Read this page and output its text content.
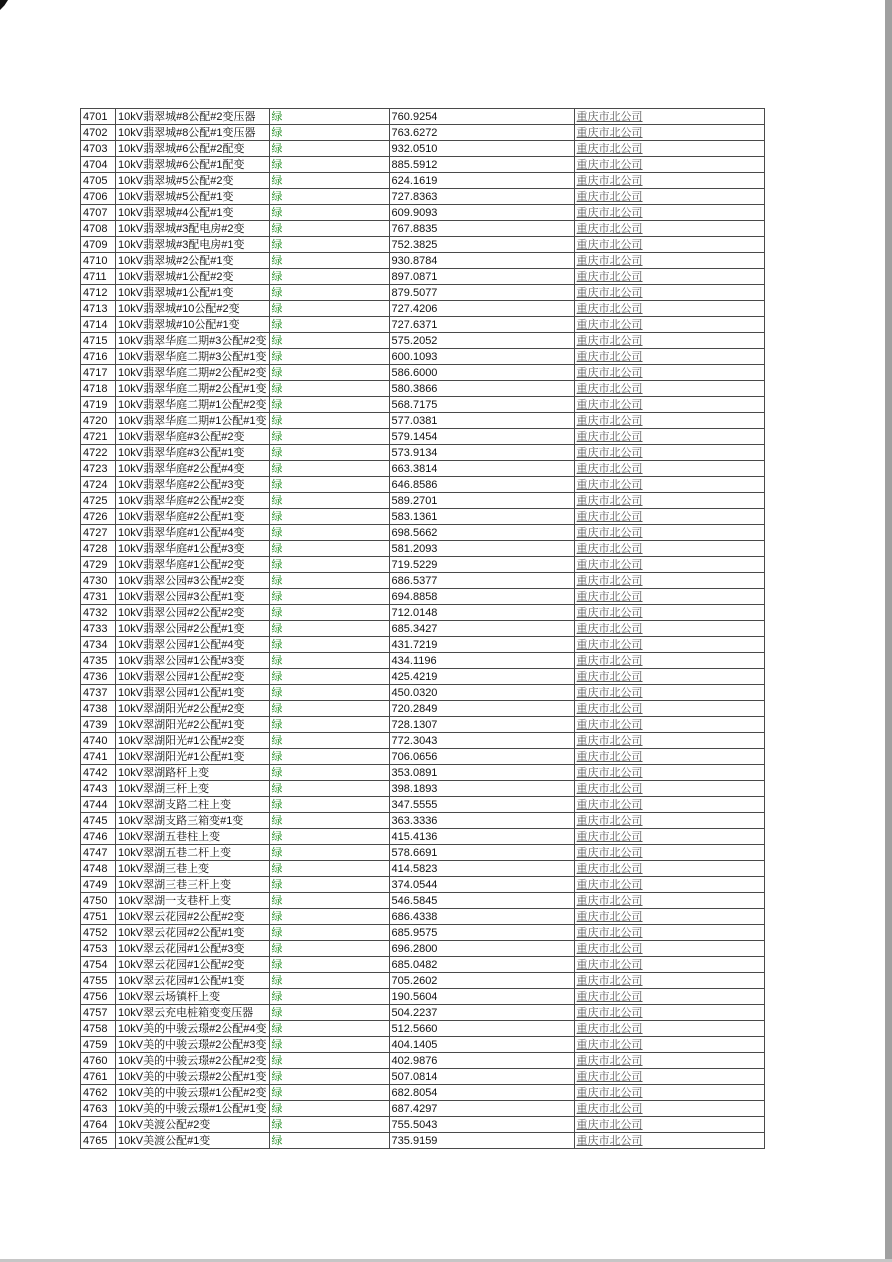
4701	10kV翡翠城#8公配#2变压器	绿	760.9254	重庆市北公司
4702	10kV翡翠城#8公配#1变压器	绿	763.6272	重庆市北公司
4703	10kV翡翠城#6公配#2配变	绿	932.0510	重庆市北公司
4704	10kV翡翠城#6公配#1配变	绿	885.5912	重庆市北公司
4705	10kV翡翠城#5公配#2变	绿	624.1619	重庆市北公司
4706	10kV翡翠城#5公配#1变	绿	727.8363	重庆市北公司
4707	10kV翡翠城#4公配#1变	绿	609.9093	重庆市北公司
4708	10kV翡翠城#3配电房#2变	绿	767.8835	重庆市北公司
4709	10kV翡翠城#3配电房#1变	绿	752.3825	重庆市北公司
4710	10kV翡翠城#2公配#1变	绿	930.8784	重庆市北公司
4711	10kV翡翠城#1公配#2变	绿	897.0871	重庆市北公司
4712	10kV翡翠城#1公配#1变	绿	879.5077	重庆市北公司
4713	10kV翡翠城#10公配#2变	绿	727.4206	重庆市北公司
4714	10kV翡翠城#10公配#1变	绿	727.6371	重庆市北公司
4715	10kV翡翠华庭二期#3公配#2变	绿	575.2052	重庆市北公司
4716	10kV翡翠华庭二期#3公配#1变	绿	600.1093	重庆市北公司
4717	10kV翡翠华庭二期#2公配#2变	绿	586.6000	重庆市北公司
4718	10kV翡翠华庭二期#2公配#1变	绿	580.3866	重庆市北公司
4719	10kV翡翠华庭二期#1公配#2变	绿	568.7175	重庆市北公司
4720	10kV翡翠华庭二期#1公配#1变	绿	577.0381	重庆市北公司
4721	10kV翡翠华庭#3公配#2变	绿	579.1454	重庆市北公司
4722	10kV翡翠华庭#3公配#1变	绿	573.9134	重庆市北公司
4723	10kV翡翠华庭#2公配#4变	绿	663.3814	重庆市北公司
4724	10kV翡翠华庭#2公配#3变	绿	646.8586	重庆市北公司
4725	10kV翡翠华庭#2公配#2变	绿	589.2701	重庆市北公司
4726	10kV翡翠华庭#2公配#1变	绿	583.1361	重庆市北公司
4727	10kV翡翠华庭#1公配#4变	绿	698.5662	重庆市北公司
4728	10kV翡翠华庭#1公配#3变	绿	581.2093	重庆市北公司
4729	10kV翡翠华庭#1公配#2变	绿	719.5229	重庆市北公司
4730	10kV翡翠公园#3公配#2变	绿	686.5377	重庆市北公司
4731	10kV翡翠公园#3公配#1变	绿	694.8858	重庆市北公司
4732	10kV翡翠公园#2公配#2变	绿	712.0148	重庆市北公司
4733	10kV翡翠公园#2公配#1变	绿	685.3427	重庆市北公司
4734	10kV翡翠公园#1公配#4变	绿	431.7219	重庆市北公司
4735	10kV翡翠公园#1公配#3变	绿	434.1196	重庆市北公司
4736	10kV翡翠公园#1公配#2变	绿	425.4219	重庆市北公司
4737	10kV翡翠公园#1公配#1变	绿	450.0320	重庆市北公司
4738	10kV翠湖阳光#2公配#2变	绿	720.2849	重庆市北公司
4739	10kV翠湖阳光#2公配#1变	绿	728.1307	重庆市北公司
4740	10kV翠湖阳光#1公配#2变	绿	772.3043	重庆市北公司
4741	10kV翠湖阳光#1公配#1变	绿	706.0656	重庆市北公司
4742	10kV翠湖路杆上变	绿	353.0891	重庆市北公司
4743	10kV翠湖三杆上变	绿	398.1893	重庆市北公司
4744	10kV翠湖支路二柱上变	绿	347.5555	重庆市北公司
4745	10kV翠湖支路三箱变#1变	绿	363.3336	重庆市北公司
4746	10kV翠湖五巷柱上变	绿	415.4136	重庆市北公司
4747	10kV翠湖五巷二杆上变	绿	578.6691	重庆市北公司
4748	10kV翠湖三巷上变	绿	414.5823	重庆市北公司
4749	10kV翠湖三巷三杆上变	绿	374.0544	重庆市北公司
4750	10kV翠湖一支巷杆上变	绿	546.5845	重庆市北公司
4751	10kV翠云花园#2公配#2变	绿	686.4338	重庆市北公司
4752	10kV翠云花园#2公配#1变	绿	685.9575	重庆市北公司
4753	10kV翠云花园#1公配#3变	绿	696.2800	重庆市北公司
4754	10kV翠云花园#1公配#2变	绿	685.0482	重庆市北公司
4755	10kV翠云花园#1公配#1变	绿	705.2602	重庆市北公司
4756	10kV翠云场镇杆上变	绿	190.5604	重庆市北公司
4757	10kV翠云充电桩箱变变压器	绿	504.2237	重庆市北公司
4758	10kV美的中骏云璟#2公配#4变	绿	512.5660	重庆市北公司
4759	10kV美的中骏云璟#2公配#3变	绿	404.1405	重庆市北公司
4760	10kV美的中骏云璟#2公配#2变	绿	402.9876	重庆市北公司
4761	10kV美的中骏云璟#2公配#1变	绿	507.0814	重庆市北公司
4762	10kV美的中骏云璟#1公配#2变	绿	682.8054	重庆市北公司
4763	10kV美的中骏云璟#1公配#1变	绿	687.4297	重庆市北公司
4764	10kV美渡公配#2变	绿	755.5043	重庆市北公司
4765	10kV美渡公配#1变	绿	735.9159	重庆市北公司
